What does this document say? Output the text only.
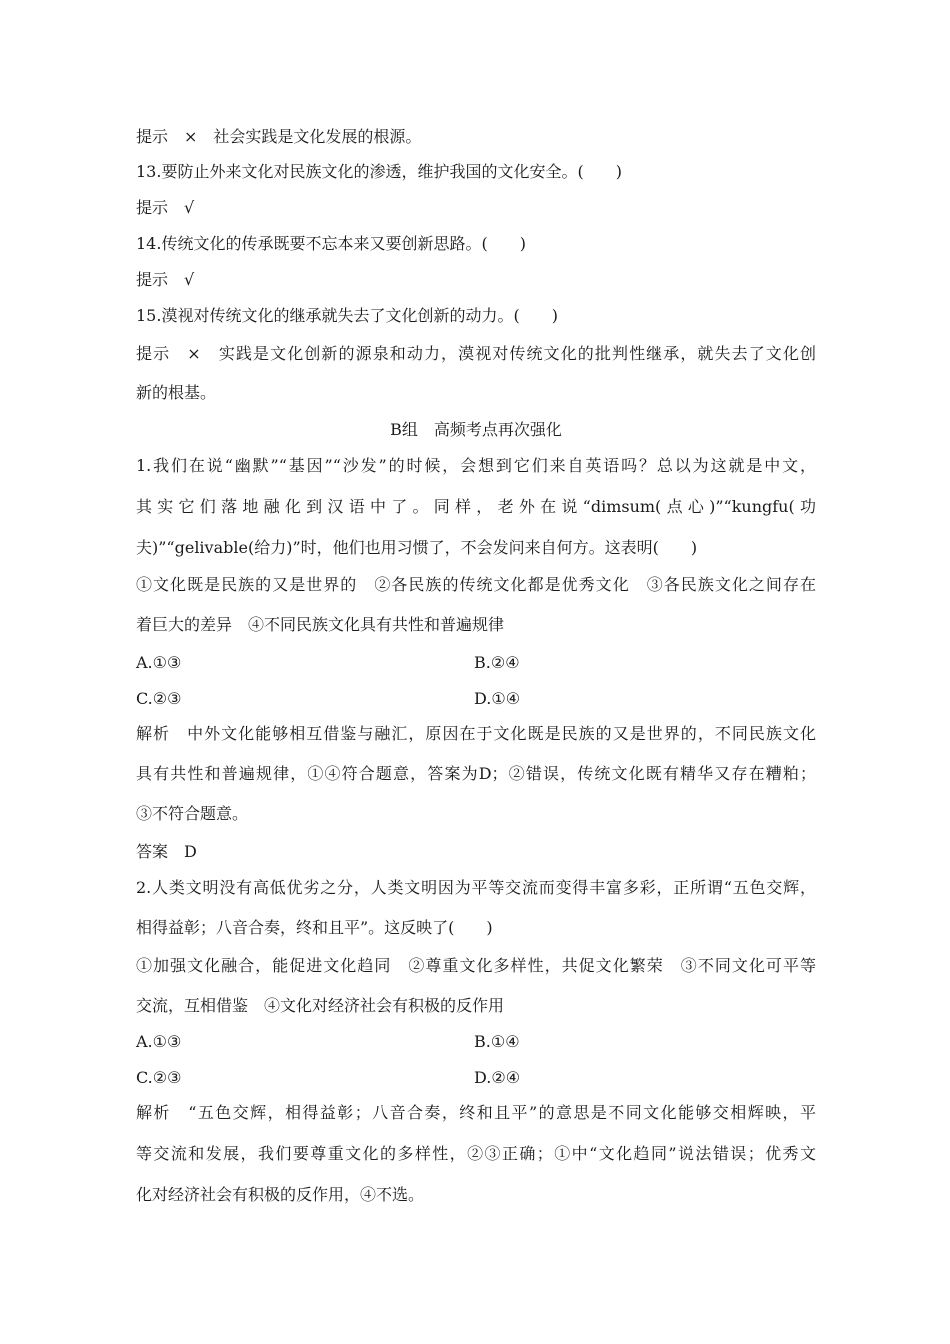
提示　×　社会实践是文化发展的根源。
13.要防止外来文化对民族文化的渗透，维护我国的文化安全。(　　)
提示　√
14.传统文化的传承既要不忘本来又要创新思路。(　　)
提示　√
15.漠视对传统文化的继承就失去了文化创新的动力。(　　)
提示　×　实践是文化创新的源泉和动力，漠视对传统文化的批判性继承，就失去了文化创
新的根基。
B组　高频考点再次强化
1.我们在说“幽默”“基因”“沙发”的时候，会想到它们来自英语吗？总以为这就是中文，
其实它们落地融化到汉语中了。同样，老外在说“dimsum(点心)”“kungfu(功
夫)”“gelivable(给力)”时，他们也用习惯了，不会发问来自何方。这表明(　　)
①文化既是民族的又是世界的　②各民族的传统文化都是优秀文化　③各民族文化之间存在
着巨大的差异　④不同民族文化具有共性和普遍规律
A.①③	B.②④
C.②③	D.①④
解析　中外文化能够相互借鉴与融汇，原因在于文化既是民族的又是世界的，不同民族文化
具有共性和普遍规律，①④符合题意，答案为D；②错误，传统文化既有精华又存在糟粕；
③不符合题意。
答案　D
2.人类文明没有高低优劣之分，人类文明因为平等交流而变得丰富多彩，正所谓“五色交辉，
相得益彰；八音合奏，终和且平”。这反映了(　　)
①加强文化融合，能促进文化趋同　②尊重文化多样性，共促文化繁荣　③不同文化可平等
交流，互相借鉴　④文化对经济社会有积极的反作用
A.①③	B.①④
C.②③	D.②④
解析　“五色交辉，相得益彰；八音合奏，终和且平”的意思是不同文化能够交相辉映，平
等交流和发展，我们要尊重文化的多样性，②③正确；①中“文化趋同”说法错误；优秀文
化对经济社会有积极的反作用，④不选。
